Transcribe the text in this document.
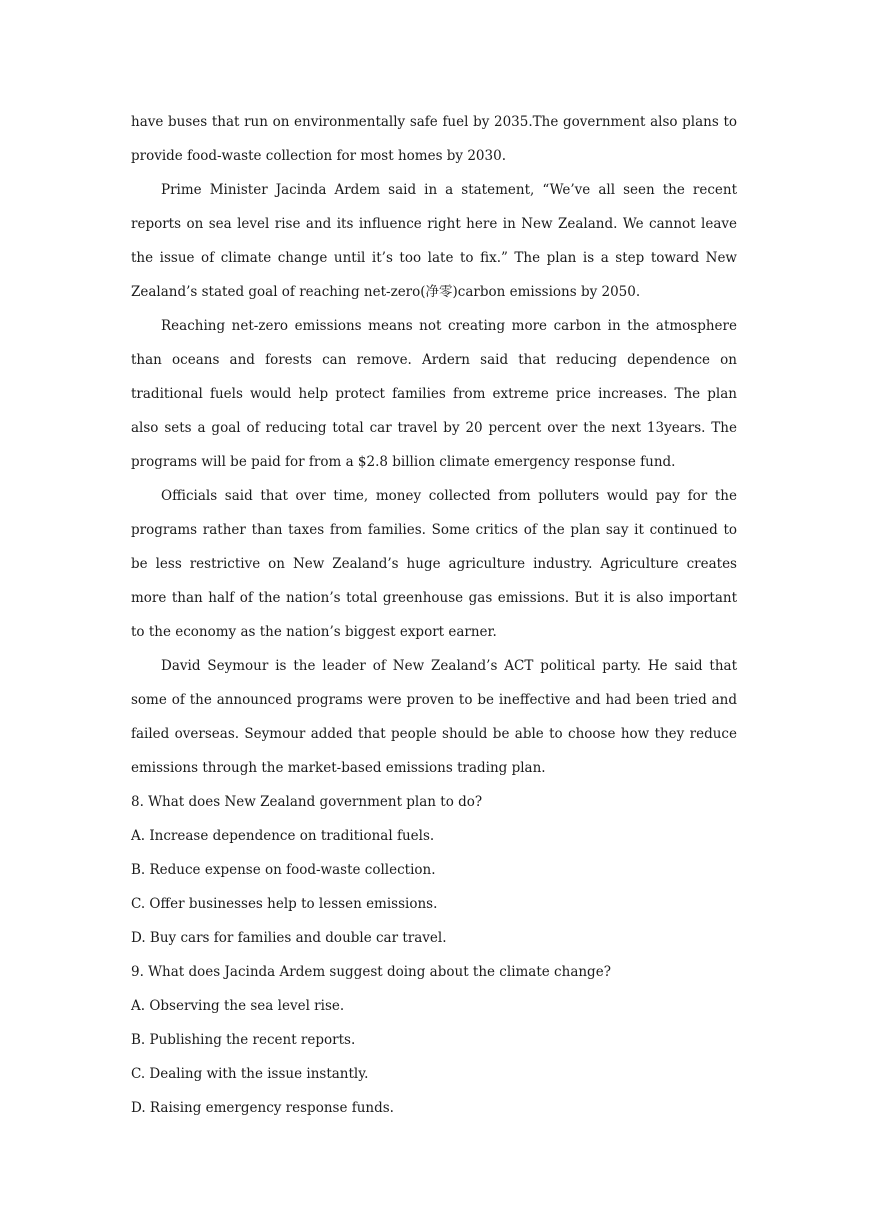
have buses that run on environmentally safe fuel by 2035.The government also plans to provide food-waste collection for most homes by 2030.

Prime Minister Jacinda Ardem said in a statement, “We’ve all seen the recent reports on sea level rise and its influence right here in New Zealand. We cannot leave the issue of climate change until it’s too late to fix.” The plan is a step toward New Zealand’s stated goal of reaching net-zero(净零)carbon emissions by 2050.

Reaching net-zero emissions means not creating more carbon in the atmosphere than oceans and forests can remove. Ardern said that reducing dependence on traditional fuels would help protect families from extreme price increases. The plan also sets a goal of reducing total car travel by 20 percent over the next 13years. The programs will be paid for from a $2.8 billion climate emergency response fund.

Officials said that over time, money collected from polluters would pay for the programs rather than taxes from families. Some critics of the plan say it continued to be less restrictive on New Zealand’s huge agriculture industry. Agriculture creates more than half of the nation’s total greenhouse gas emissions. But it is also important to the economy as the nation’s biggest export earner.

David Seymour is the leader of New Zealand’s ACT political party. He said that some of the announced programs were proven to be ineffective and had been tried and failed overseas. Seymour added that people should be able to choose how they reduce emissions through the market-based emissions trading plan.

8. What does New Zealand government plan to do?

A. Increase dependence on traditional fuels.

B. Reduce expense on food-waste collection.

C. Offer businesses help to lessen emissions.

D. Buy cars for families and double car travel.

9. What does Jacinda Ardem suggest doing about the climate change?

A. Observing the sea level rise.

B. Publishing the recent reports.

C. Dealing with the issue instantly.

D. Raising emergency response funds.
